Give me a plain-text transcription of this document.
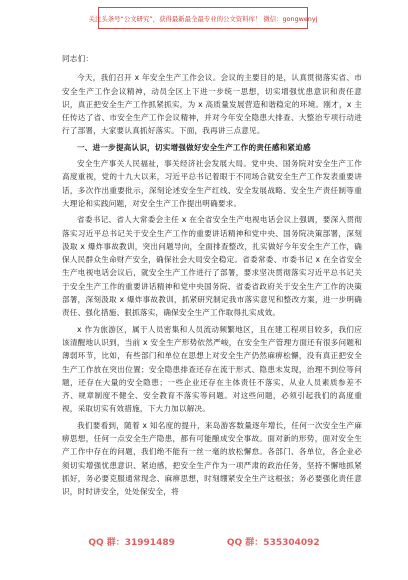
关注头条号“公文研究”，获得最新最全最专业的公文资料库！ 微信：gongwenyj

同志们：

今天，我们召开 x 年安全生产工作会议。会议的主要目的是，认真贯彻落实省、市安全生产工作会议精神，动员全区上下进一步统一思想，切实增强忧患意识和责任意识，真正把安全生产工作抓紧抓实，为 x 高质量发展营造和谐稳定的环境。刚才，x 主任传达了省、市安全生产工作会议精神，并对今年安全隐患大排查、大整治专项行动进行了部署，大家要认真抓好落实。下面，我再讲三点意见。

一、进一步提高认识，切实增强做好安全生产工作的责任感和紧迫感

安全生产事关人民福祉，事关经济社会发展大局。党中央、国务院对安全生产工作高度重视，党的十九大以来，习近平总书记着眼于不同场合就安全生产工作发表重要讲话，多次作出重要批示，深刻论述安全生产红线、安全发展战略、安全生产责任制等重大理论和实践问题，对安全生产工作提出明确要求。

省委书记、省人大常委会主任 x 在全省安全生产电视电话会议上强调，要深入贯彻落实习近平总书记关于安全生产工作的重要讲话精神和党中央、国务院决策部署，深刻汲取 x 爆炸事故教训，突出问题导向，全面排查整改，扎实做好今年安全生产工作，确保人民群众生命财产安全，确保社会大局安全稳定。省委常委、市委书记 x 在全省安全生产电视电话会议后，就安全生产工作进行了部署，要求坚决贯彻落实习近平总书记关于安全生产工作的重要讲话精神和党中央国务院、省委省政府关于安全生产工作的决策部署，深刻汲取 x 爆炸事故教训，抓紧研究制定我市落实意见和整改方案，进一步明确责任、强化措施、狠抓落实，确保安全生产工作取得扎实成效。

x 作为旅游区，属于人员密集和人员流动频繁地区，且在建工程项目较多，我们应该清醒地认识到，当前 x 安全生产形势依然严峻，在安全生产管理方面还有很多问题和薄弱环节，比如，有些部门和单位在思想上对安全生产仍然麻痹松懈，没有真正把安全生产工作放在突出位置；安全隐患排查还存在流于形式、隐患未发现，治理不到位等问题，还存在大量的安全隐患；一些企业还存在主体责任不落实、从业人员素质参差不齐、规章制度不健全、安全教育不落实等问题。对这些问题，必须引起我们的高度重视，采取切实有效措施，下大力加以解决。

我们要看到，随着 x 知名度的提升，来岛游客数量逐年增长，任何一次安全生产麻痹思想，任何一点安全生产隐患，都有可能酿成安全事故。面对新的形势，面对安全生产工作中存在的问题，我们绝不能有一丝一毫的放松懈怠。各部门、各单位，各企业必须切实增强忧患意识、紧迫感，把安全生产作为一项严肃的政治任务，坚持不懈地抓紧抓好，务必要克服通常现念、麻痹思想，时刻绷紧安全生产这根弦；务必要强化责任意识，时时讲安全，处处保安全，将

QQ 群：31991489	QQ 群：535304092
